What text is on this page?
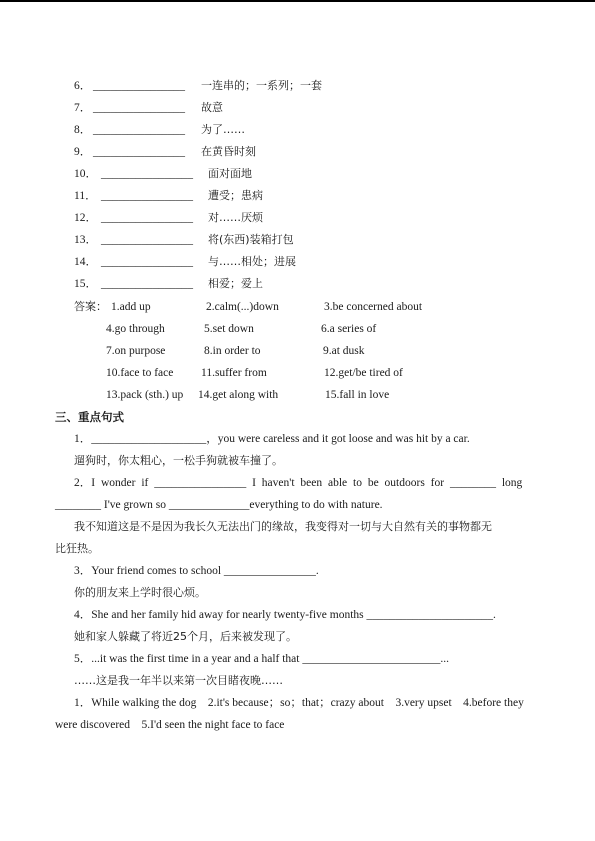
6． ________________ 一连串的；一系列；一套
7． ________________ 故意
8． ________________ 为了……
9． ________________ 在黄昏时刻
10． ________________ 面对面地
11． ________________ 遭受；患病
12． ________________ 对……厌烦
13． ________________ 将(东西)装箱打包
14． ________________ 与……相处；进展
15． ________________ 相爱；爱上
答案： 1.add up	2.calm(...)down	3.be concerned about
4.go through	5.set down	6.a series of
7.on purpose	8.in order to	9.at dusk
10.face to face 11.suffer from	12.get/be tired of
13.pack (sth.) up 14.get along with	15.fall in love
三、重点句式
1．____________________，you were careless and it got loose and was hit by a car.
遛狗时，你太粗心，一松手狗就被车撞了。
2．I wonder if ________________ I haven't been able to be outdoors for ________ long
________ I've grown so ______________everything to do with nature.
我不知道这是不是因为我长久无法出门的缘故，我变得对一切与大自然有关的事物都无
比狂热。
3．Your friend comes to school ________________.
你的朋友来上学时很心烦。
4．She and her family hid away for nearly twenty-five months ______________________.
她和家人躲藏了将近25个月，后来被发现了。
5．...it was the first time in a year and a half that ________________________...
……这是我一年半以来第一次目睹夜晚……
1．While walking the dog　2.it's because；so；that；crazy about　3.very upset　4.before they
were discovered　5.I'd seen the night face to face
